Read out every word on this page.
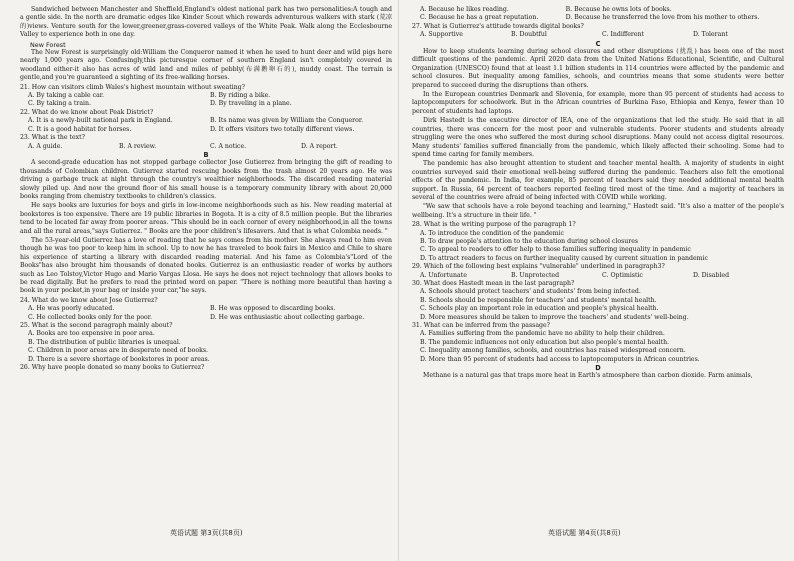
Sandwiched between Manchester and Sheffield,England's oldest national park has two personalities:A tough and a gentle side. In the north are dramatic edges like Kinder Scout which rewards adventurous walkers with stark (荒凉的)views. Venture south for the lower,greener,grass-covered valleys of the White Peak. Walk along the Ecclesbourne Valley to experience both in one day.

New Forest

The New Forest is surprisingly old:William the Conqueror named it when he used to hunt deer and wild pigs here nearly 1,000 years ago. Confusingly,this picturesque corner of southern England isn't completely covered in woodland either-it also has acres of wild land and miles of pebbly(布满鹅卵石的), muddy coast. The terrain is gentle,and you're guaranteed a sighting of its free-walking horses.

21. How can visitors climb Wales's highest mountain without sweating?

A. By taking a cable car.	B. By riding a bike.
C. By taking a train.	D. By traveling in a plane.

22. What do we know about Peak District?

A. It is a newly-built national park in England.	B. Its name was given by William the Conqueror.
C. It is a good habitat for horses.	D. It offers visitors two totally different views.

23. What is the text?

A. A guide.	B. A review.	C. A notice.	D. A report.

B

A second-grade education has not stopped garbage collector Jose Gutierrez from bringing the gift of reading to thousands of Colombian children. Gutierrez started rescuing books from the trash almost 20 years ago. He was driving a garbage truck at night through the country's wealthier neighborhoods. The discarded reading material slowly piled up. And now the ground floor of his small house is a temporary community library with about 20,000 books ranging from chemistry textbooks to children's classics.

He says books are luxuries for boys and girls in low-income neighborhoods such as his. New reading material at bookstores is too expensive. There are 19 public libraries in Bogota. It is a city of 8.5 million people. But the libraries tend to be located far away from poorer areas. "This should be in each corner of every neighborhood,in all the towns and all the rural areas,"says Gutierrez. " Books are the poor children's lifesavers. And that is what Colombia needs. "

The 53-year-old Gutierrez has a love of reading that he says comes from his mother. She always read to him even though he was too poor to keep him in school. Up to now he has traveled to book fairs in Mexico and Chile to share his experience of starting a library with discarded reading material. And his fame as Colombia's"Lord of the Books"has also brought him thousands of donated books. Gutierrez is an enthusiastic reader of works by authors such as Leo Tolstoy,Victor Hugo and Mario Vargas Llosa. He says he does not reject technology that allows books to be read digitally. But he prefers to read the printed word on paper. "There is nothing more beautiful than having a book in your pocket,in your bag or inside your car,"he says.

24. What do we know about Jose Gutierrez?

A. He was poorly educated.	B. He was opposed to discarding books.
C. He collected books only for the poor.	D. He was enthusiastic about collecting garbage.

25. What is the second paragraph mainly about?

A. Books are too expensive in poor area.

B. The distribution of public libraries is unequal.

C. Children in poor areas are in desperate need of books.

D. There is a severe shortage of bookstores in poor areas.

26. Why have people donated so many books to Gutierrez?

A. Because he likes reading.	B. Because he owns lots of books.
C. Because he has a great reputation.	D. Because he transferred the love from his mother to others.

27. What is Gutierrez's attitude towards digital books?

A. Supportive	B. Doubtful	C. Indifferent	D. Tolerant

C

How to keep students learning during school closures and other disruptions (扰乱) has been one of the most difficult questions of the pandemic. April 2020 data from the United Nations Educational, Scientific, and Cultural Organization (UNESCO) found that at least 1.1 billion students in 114 countries were affected by the pandemic and school closures. But inequality among families, schools, and countries means that some students were better prepared to succeed during the disruptions than others.

In the European countries Denmark and Slovenia, for example, more than 95 percent of students had access to laptopcomputers for schoolwork. But in the African countries of Burkina Faso, Ethiopia and Kenya, fewer than 10 percent of students had laptops.

Dirk Hastedt is the executive director of IEA, one of the organizations that led the study. He said that in all countries, there was concern for the most poor and vulnerable students. Poorer students and students already struggling were the ones who suffered the most during school disruptions. Many could not access digital resources. Many students' families suffered financially from the pandemic, which likely affected their schooling. Some had to spend time caring for family members.

The pandemic has also brought attention to student and teacher mental health. A majority of students in eight countries surveyed said their emotional well-being suffered during the pandemic. Teachers also felt the emotional effects of the pandemic. In India, for example, 85 percent of teachers said they needed additional mental health support. In Russia, 64 percent of teachers reported feeling tired most of the time. And a majority of teachers in several of the countries were afraid of being infected with COVID while working.

"We saw that schools have a role beyond teaching and learning," Hastedt said. "It's also a matter of the people's wellbeing. It's a structure in their life. "

28. What is the writing purpose of the paragraph 1?

A. To introduce the condition of the pandemic

B. To draw people's attention to the education during school closures

C. To appeal to readers to offer help to those families suffering inequality in pandemic

D. To attract readers to focus on further inequality caused by current situation in pandemic

29. Which of the following best explains "vulnerable" underlined in paragraph3?

A. Unfortunate	B. Unprotected	C. Optimistic	D. Disabled

30. What does Hastedt mean in the last paragraph?

A. Schools should protect teachers' and students' from being infected.

B. Schools should be responsible for teachers' and students' mental health.

C. Schools play an important role in education and people's physical health.

D. More measures should be taken to improve the teachers' and students' well-being.

31. What can be inferred from the passage?

A. Families suffering from the pandemic have no ability to help their children.

B. The pandemic influences not only education but also people's mental health.

C. Inequality among families, schools, and countries has raised widespread concern.

D. More than 95 percent of students had access to laptopcomputers in African countries.

D

Methane is a natural gas that traps more heat in Earth's atmosphere than carbon dioxide. Farm animals,

英语试题 第3页(共8页)	英语试题 第4页(共8页)
